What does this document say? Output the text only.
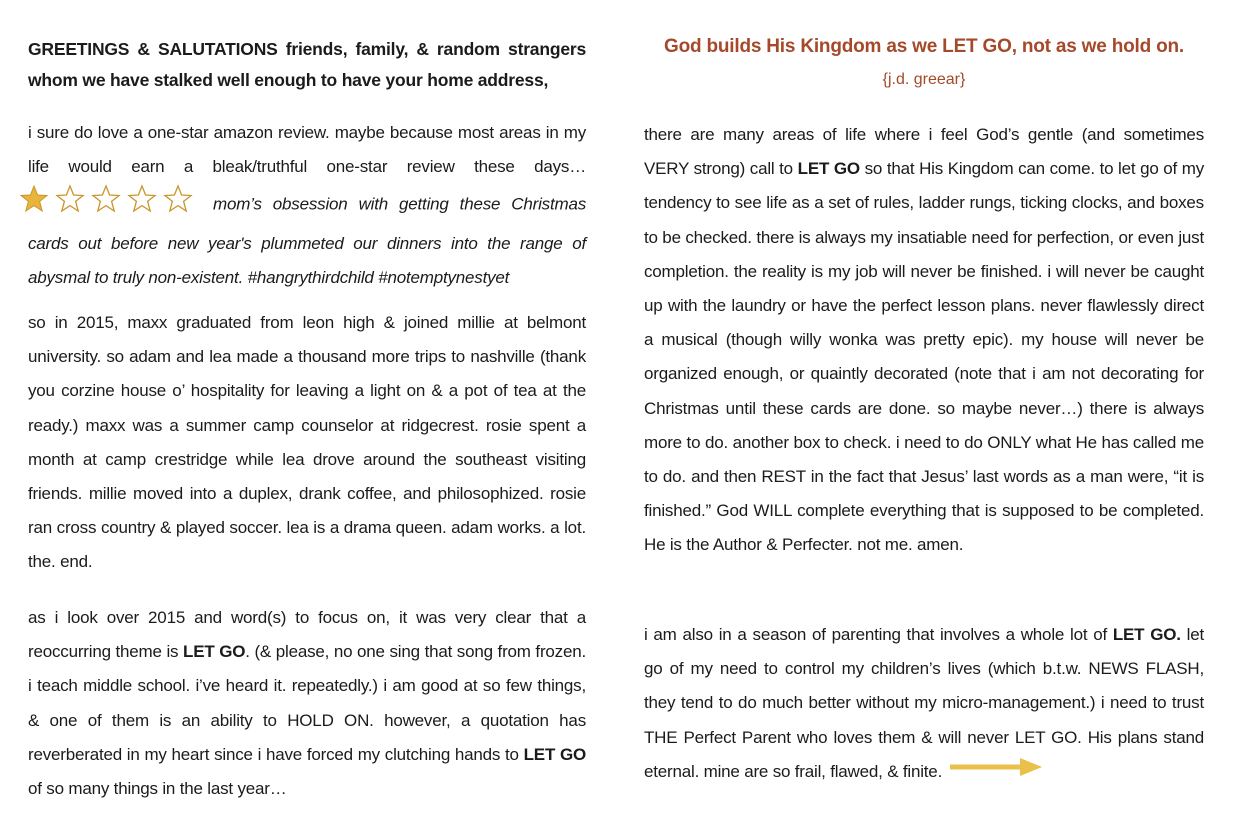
GREETINGS & SALUTATIONS friends, family, & random strangers whom we have stalked well enough to have your home address,

i sure do love a one-star amazon review. maybe because most areas in my life would earn a bleak/truthful one-star review these days…  mom’s obsession with getting these Christmas cards out before new year's plummeted our dinners into the range of abysmal to truly non-existent. #hangrythirdchild #notemptynestyet

so in 2015, maxx graduated from leon high & joined millie at belmont university. so adam and lea made a thousand more trips to nashville (thank you corzine house o’ hospitality for leaving a light on & a pot of tea at the ready.) maxx was a summer camp counselor at ridgecrest. rosie spent a month at camp crestridge while lea drove around the southeast visiting friends. millie moved into a duplex, drank coffee, and philosophized. rosie ran cross country & played soccer. lea is a drama queen. adam works. a lot. the. end.

as i look over 2015 and word(s) to focus on, it was very clear that a reoccurring theme is LET GO. (& please, no one sing that song from frozen. i teach middle school. i’ve heard it. repeatedly.) i am good at so few things, & one of them is an ability to HOLD ON. however, a quotation has reverberated in my heart since i have forced my clutching hands to LET GO of so many things in the last year…

God builds His Kingdom as we LET GO, not as we hold on.
{j.d. greear}

there are many areas of life where i feel God’s gentle (and sometimes VERY strong) call to LET GO so that His Kingdom can come. to let go of my tendency to see life as a set of rules, ladder rungs, ticking clocks, and boxes to be checked. there is always my insatiable need for perfection, or even just completion. the reality is my job will never be finished. i will never be caught up with the laundry or have the perfect lesson plans. never flawlessly direct a musical (though willy wonka was pretty epic). my house will never be organized enough, or quaintly decorated (note that i am not decorating for Christmas until these cards are done. so maybe never…) there is always more to do. another box to check. i need to do ONLY what He has called me to do. and then REST in the fact that Jesus’ last words as a man were, “it is finished.” God WILL complete everything that is supposed to be completed. He is the Author & Perfecter. not me. amen.

i am also in a season of parenting that involves a whole lot of LET GO. let go of my need to control my children’s lives (which b.t.w. NEWS FLASH, they tend to do much better without my micro-management.) i need to trust THE Perfect Parent who loves them & will never LET GO. His plans stand eternal. mine are so frail, flawed, & finite.
